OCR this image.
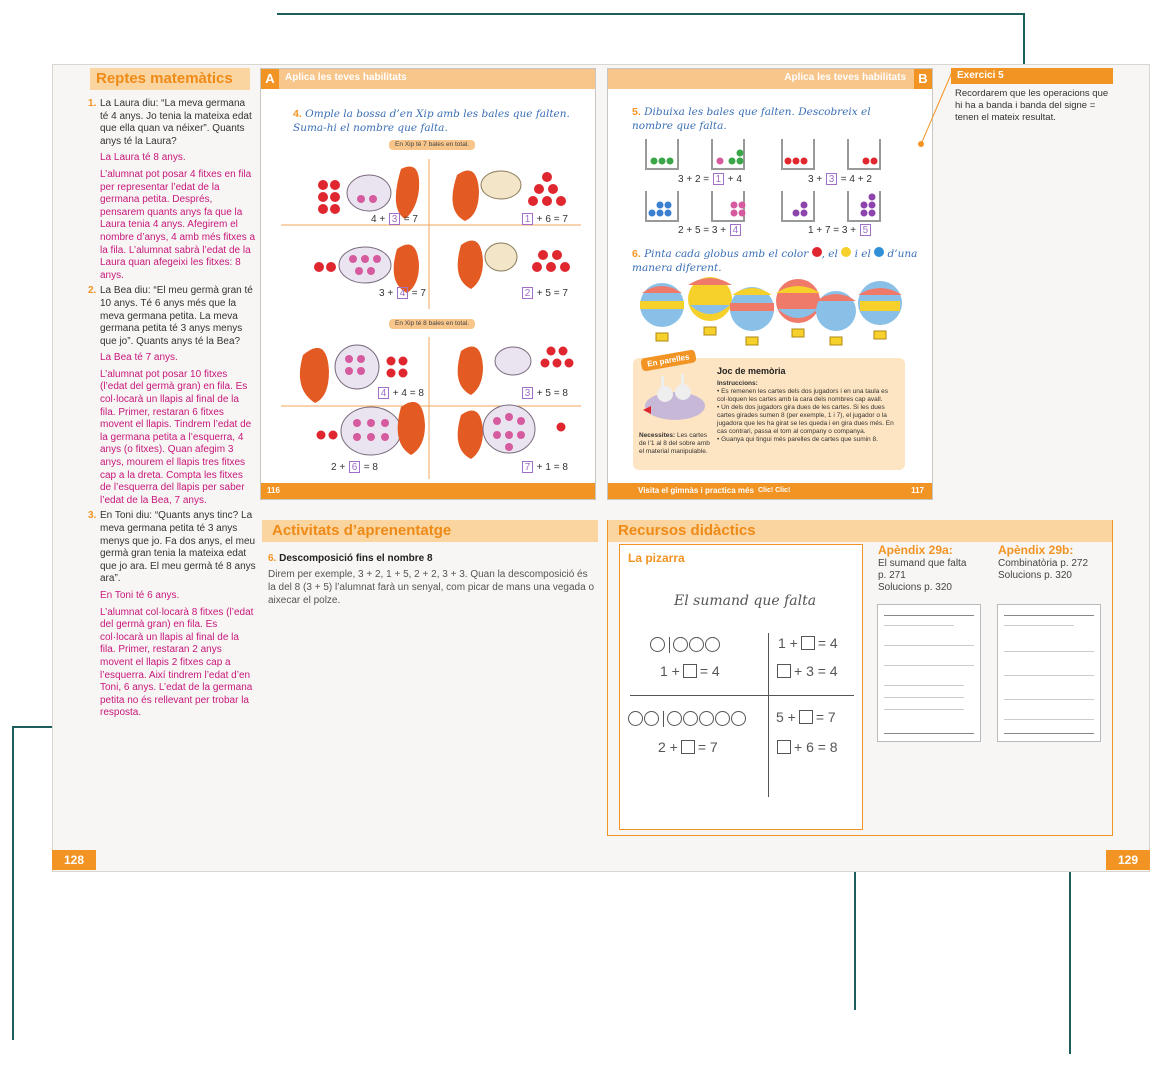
Reptes matemàtics
1. La Laura diu: “La meva germana té 4 anys. Jo tenia la mateixa edat que ella quan va néixer”. Quants anys té la Laura?
La Laura té 8 anys.
L’alumnat pot posar 4 fitxes en fila per representar l’edat de la germana petita. Després, pensarem quants anys fa que la Laura tenia 4 anys. Afegirem el nombre d’anys, 4 amb més fitxes a la fila. L’alumnat sabrà l’edat de la Laura quan afegeixi les fitxes: 8 anys.
2. La Bea diu: “El meu germà gran té 10 anys. Té 6 anys més que la meva germana petita. La meva germana petita té 3 anys menys que jo”. Quants anys té la Bea?
La Bea té 7 anys.
L’alumnat pot posar 10 fitxes (l’edat del germà gran) en fila. Es col·locarà un llapis al final de la fila. Primer, restaran 6 fitxes movent el llapis. Tindrem l’edat de la germana petita a l’esquerra, 4 anys (o fitxes). Quan afegim 3 anys, mourem el llapis tres fitxes cap a la dreta. Compta les fitxes de l’esquerra del llapis per saber l’edat de la Bea, 7 anys.
3. En Toni diu: “Quants anys tinc? La meva germana petita té 3 anys menys que jo. Fa dos anys, el meu germà gran tenia la mateixa edat que jo ara. El meu germà té 8 anys ara”.
En Toni té 6 anys.
L’alumnat col·locarà 8 fitxes (l’edat del germà gran) en fila. Es col·locarà un llapis al final de la fila. Primer, restaran 2 anys movent el llapis 2 fitxes cap a l’esquerra. Així tindrem l’edat d’en Toni, 6 anys. L’edat de la germana petita no és rellevant per trobar la resposta.
A	Aplica les teves habilitats
4. Omple la bossa d’en Xip amb les bales que falten. Suma-hi el nombre que falta.
En Xip té 7 bales en total.
En Xip té 8 bales en total.
4 + 3 = 7	1 + 6 = 7
3 + 4 = 7	2 + 5 = 7
4 + 4 = 8	3 + 5 = 8
2 + 6 = 8	7 + 1 = 8
116
Aplica les teves habilitats B
5. Dibuixa les bales que falten. Descobreix el nombre que falta.
3 + 2 = 1 + 4	3 + 3 = 4 + 2
2 + 5 = 3 + 4	1 + 7 = 3 + 5
6. Pinta cada globus amb el color , el i el d’una manera diferent.
Visita el gimnàs i practica més Clic! Clic!	117
En parelles
Joc de memòria
Instruccions:
• Es remenen les cartes dels dos jugadors i en una taula es col·loquen les cartes amb la cara dels nombres cap avall.
• Un dels dos jugadors gira dues de les cartes. Si les dues cartes girades sumen 8 (per exemple, 1 i 7), el jugador o la jugadora que les ha girat se les queda i en gira dues més. En cas contrari, passa el torn al company o companya.
• Guanya qui tingui més parelles de cartes que sumin 8.
Necessites: Les cartes de l’1 al 8 del sobre amb el material manipulable.
Exercici 5
Recordarem que les operacions que hi ha a banda i banda del signe = tenen el mateix resultat.
Activitats d’aprenentatge
6. Descomposició fins el nombre 8
Direm per exemple, 3 + 2, 1 + 5, 2 + 2, 3 + 3. Quan la descomposició és la del 8 (3 + 5) l’alumnat farà un senyal, com picar de mans una vegada o aixecar el polze.
Recursos didàctics
La pizarra
El sumand que falta
1 + = 4
1 + = 4
+ 3 = 4
2 + = 7
5 + = 7
+ 6 = 8
Apèndix 29a:
El sumand que falta
p. 271
Solucions p. 320
Apèndix 29b:
Combinatòria p. 272
Solucions p. 320
128	129
